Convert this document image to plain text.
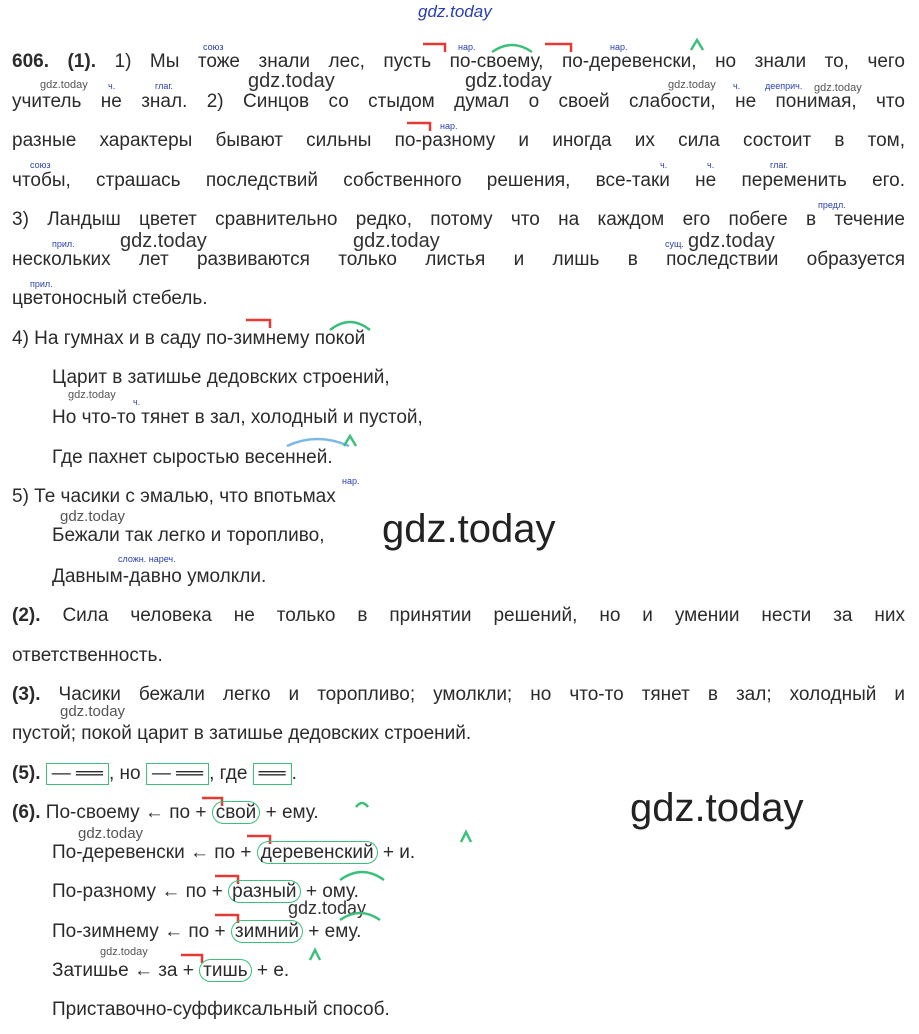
gdz.today
606. (1). 1) Мы тоже знали лес, пусть по-своему, по-деревенски, но знали то, чего
учитель не знал. 2) Синцов со стыдом думал о своей слабости, не понимая, что
разные характеры бывают сильны по-разному и иногда их сила состоит в том,
чтобы, страшась последствий собственного решения, все-таки не переменить его.
3) Ландыш цветет сравнительно редко, потому что на каждом его побеге в течение
нескольких лет развиваются только листья и лишь в последствии образуется
цветоносный стебель.
4) На гумнах и в саду по-зимнему покой
Царит в затишье дедовских строений,
Но что-то тянет в зал, холодный и пустой,
Где пахнет сыростью весенней.
5) Те часики с эмалью, что впотьмах
Бежали так легко и торопливо,
Давным-давно умолкли.
союз	нар.	нар.
ч.	глаг.	ч.	дееприч.
нар.
союз	ч.	ч.	глаг.
предл.
прил.	сущ.
прил.
ч.
нар.
сложн. нареч.
gdz.today	gdz.today	gdz.today	gdz.today	gdz.today
gdz.today	gdz.today	gdz.today
gdz.today
gdz.today	gdz.today
gdz.today
gdz.today
gdz.today
gdz.today
gdz.today
(2). Сила человека не только в принятии решений, но и умении нести за них
ответственность.
(3). Часики бежали легко и торопливо; умолкли; но что-то тянет в зал; холодный и
пустой; покой царит в затишье дедовских строений.
(5). — ══ , но — ══ , где ══ .
(6). По-своему ← по + свой + ему.
По-деревенски ← по + деревенский + и.
По-разному ← по + разный + ому.
По-зимнему ← по + зимний + ему.
Затишье ← за + тишь + е.
Приставочно-суффиксальный способ.
